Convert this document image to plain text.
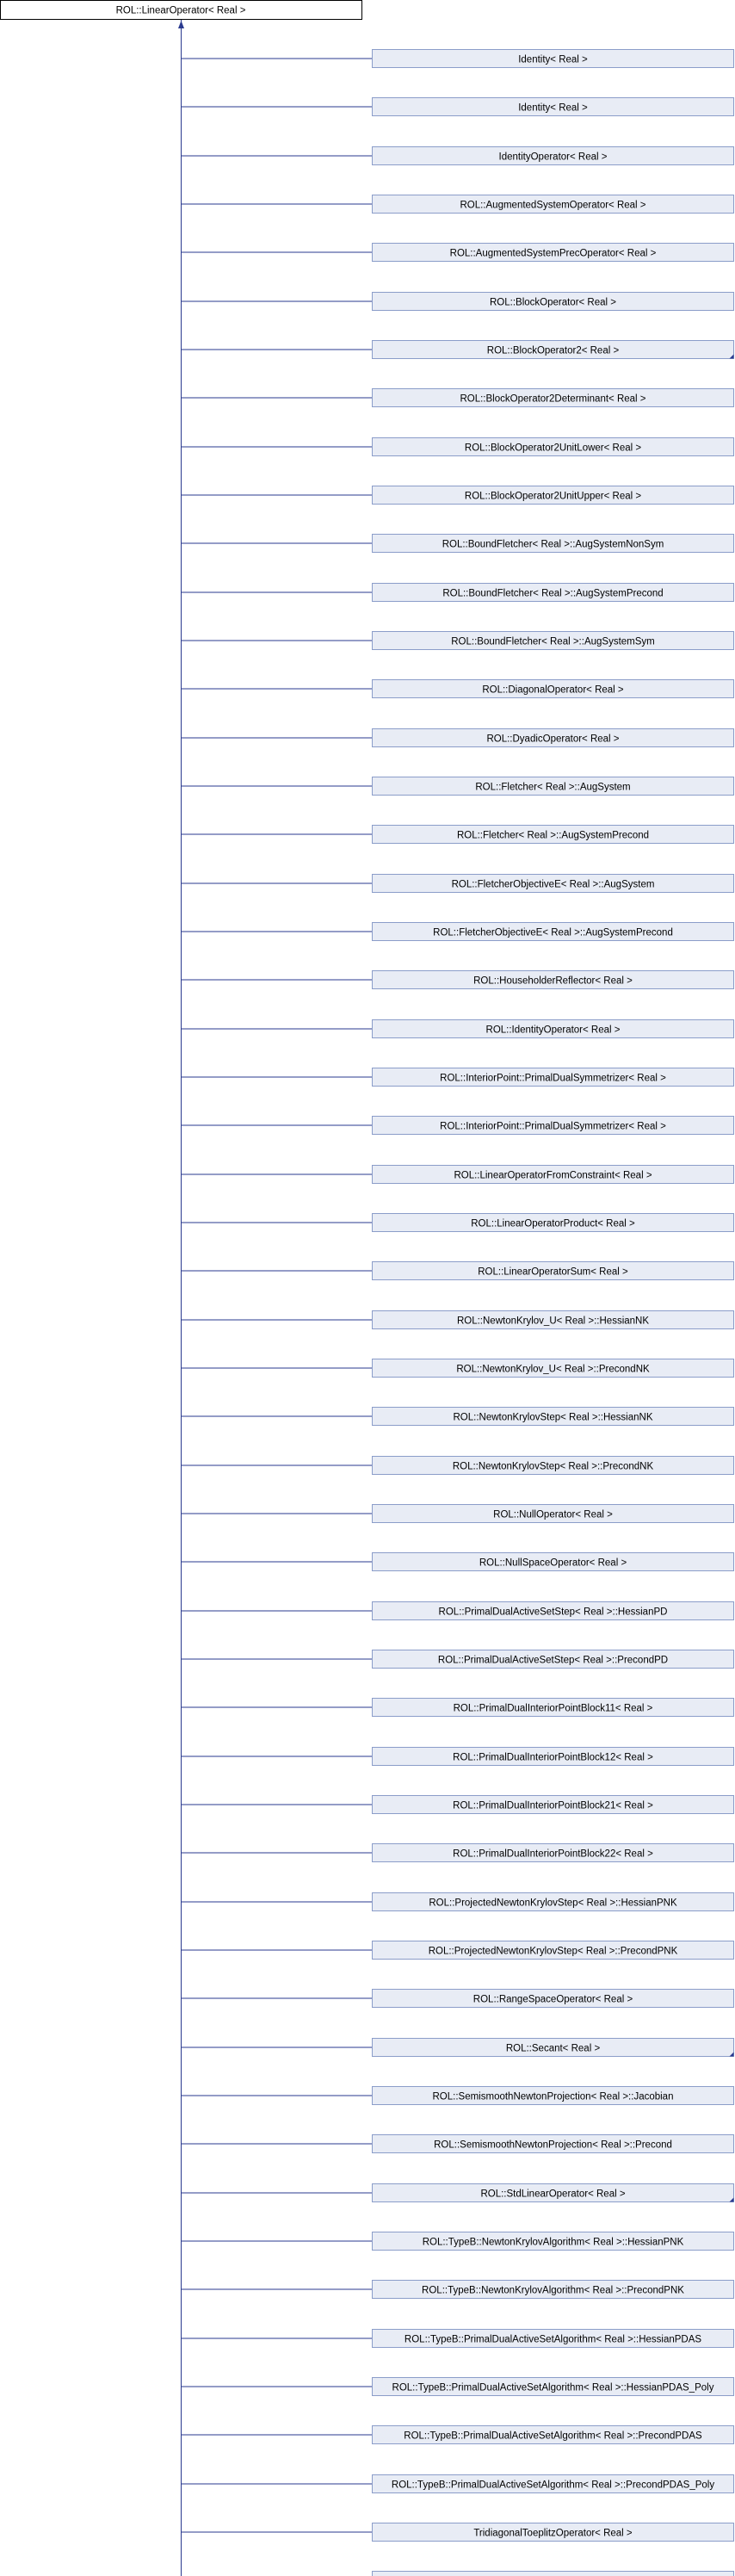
ROL::LinearOperator< Real >
Identity< Real >
Identity< Real >
IdentityOperator< Real >
ROL::AugmentedSystemOperator< Real >
ROL::AugmentedSystemPrecOperator< Real >
ROL::BlockOperator< Real >
ROL::BlockOperator2< Real >
ROL::BlockOperator2Determinant< Real >
ROL::BlockOperator2UnitLower< Real >
ROL::BlockOperator2UnitUpper< Real >
ROL::BoundFletcher< Real >::AugSystemNonSym
ROL::BoundFletcher< Real >::AugSystemPrecond
ROL::BoundFletcher< Real >::AugSystemSym
ROL::DiagonalOperator< Real >
ROL::DyadicOperator< Real >
ROL::Fletcher< Real >::AugSystem
ROL::Fletcher< Real >::AugSystemPrecond
ROL::FletcherObjectiveE< Real >::AugSystem
ROL::FletcherObjectiveE< Real >::AugSystemPrecond
ROL::HouseholderReflector< Real >
ROL::IdentityOperator< Real >
ROL::InteriorPoint::PrimalDualSymmetrizer< Real >
ROL::InteriorPoint::PrimalDualSymmetrizer< Real >
ROL::LinearOperatorFromConstraint< Real >
ROL::LinearOperatorProduct< Real >
ROL::LinearOperatorSum< Real >
ROL::NewtonKrylov_U< Real >::HessianNK
ROL::NewtonKrylov_U< Real >::PrecondNK
ROL::NewtonKrylovStep< Real >::HessianNK
ROL::NewtonKrylovStep< Real >::PrecondNK
ROL::NullOperator< Real >
ROL::NullSpaceOperator< Real >
ROL::PrimalDualActiveSetStep< Real >::HessianPD
ROL::PrimalDualActiveSetStep< Real >::PrecondPD
ROL::PrimalDualInteriorPointBlock11< Real >
ROL::PrimalDualInteriorPointBlock12< Real >
ROL::PrimalDualInteriorPointBlock21< Real >
ROL::PrimalDualInteriorPointBlock22< Real >
ROL::ProjectedNewtonKrylovStep< Real >::HessianPNK
ROL::ProjectedNewtonKrylovStep< Real >::PrecondPNK
ROL::RangeSpaceOperator< Real >
ROL::Secant< Real >
ROL::SemismoothNewtonProjection< Real >::Jacobian
ROL::SemismoothNewtonProjection< Real >::Precond
ROL::StdLinearOperator< Real >
ROL::TypeB::NewtonKrylovAlgorithm< Real >::HessianPNK
ROL::TypeB::NewtonKrylovAlgorithm< Real >::PrecondPNK
ROL::TypeB::PrimalDualActiveSetAlgorithm< Real >::HessianPDAS
ROL::TypeB::PrimalDualActiveSetAlgorithm< Real >::HessianPDAS_Poly
ROL::TypeB::PrimalDualActiveSetAlgorithm< Real >::PrecondPDAS
ROL::TypeB::PrimalDualActiveSetAlgorithm< Real >::PrecondPDAS_Poly
TridiagonalToeplitzOperator< Real >
